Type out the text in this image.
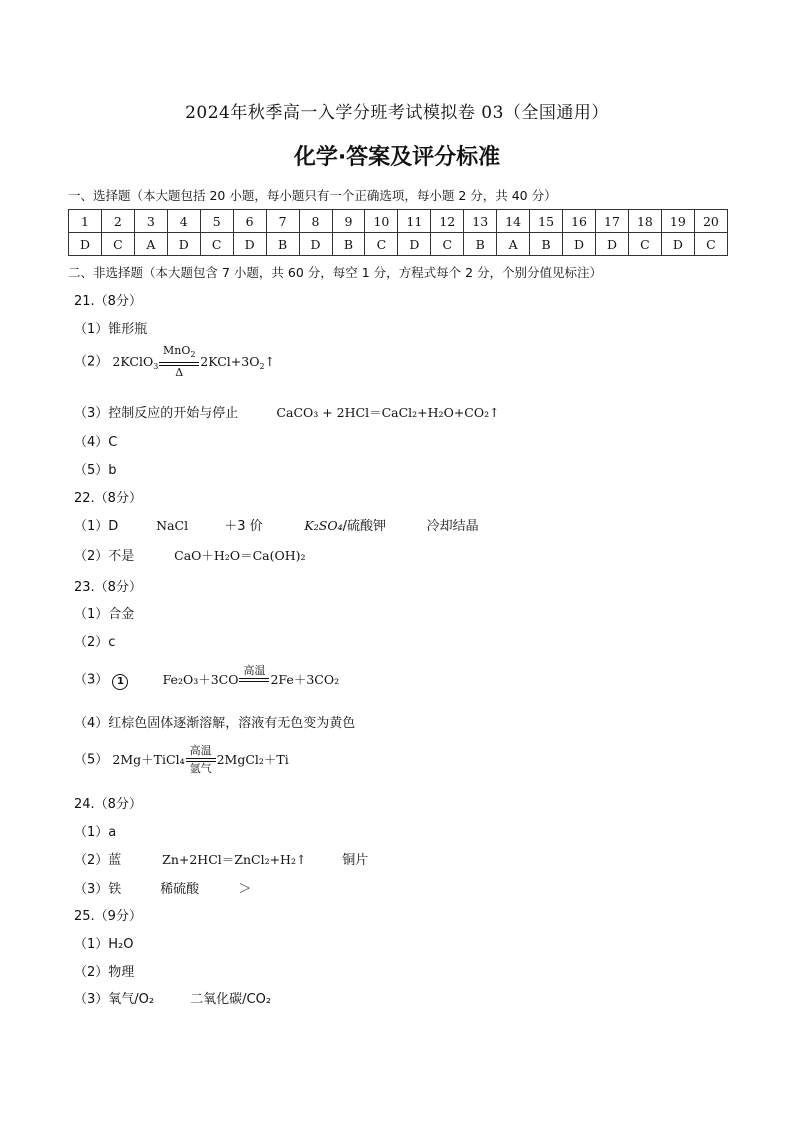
2024年秋季高一入学分班考试模拟卷 03（全国通用）
化学·答案及评分标准
一、选择题（本大题包括 20 小题，每小题只有一个正确选项，每小题 2 分，共 40 分）
1	2	3	4	5	6	7	8	9	10	11	12	13	14	15	16	17	18	19	20
D	C	A	D	C	D	B	D	B	C	D	C	B	A	B	D	D	C	D	C
二、非选择题（本大题包含 7 小题，共 60 分，每空 1 分，方程式每个 2 分，个别分值见标注）
21.（8分）
（1）锥形瓶
（2） 2KClO$_3$
MnO$_2$
Δ
$2KCl+3O_2↑$
（3）控制反应的开始与停止	CaCO₃ + 2HCl＝CaCl₂+H₂O+CO₂↑
（4）C
（5）b
22.（8分）
（1）D	NaCl	＋3 价	K₂SO₄/硫酸钾	冷却结晶
（2）不是	CaO＋H₂O＝Ca(OH)₂
23.（8分）
（1）合金
（2）c
（3） 1	Fe₂O₃＋3CO
高温

2Fe＋3CO₂
（4）红棕色固体逐渐溶解，溶液有无色变为黄色
（5） 2Mg＋TiCl₄
高温
氩气
2MgCl₂＋Ti
24.（8分）
（1）a
（2）蓝	Zn+2HCl＝ZnCl₂+H₂↑	铜片
（3）铁	稀硫酸	＞
25.（9分）
（1）H₂O
（2）物理
（3）氧气/O₂	二氧化碳/CO₂
